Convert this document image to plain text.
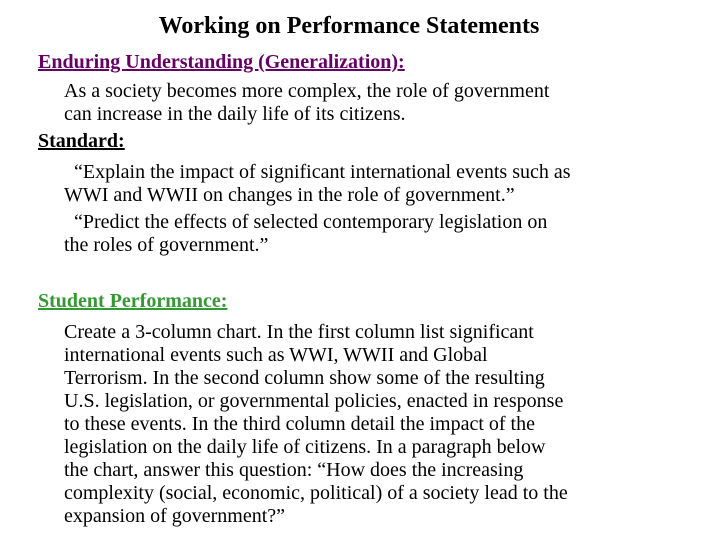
Working on Performance Statements

Enduring Understanding (Generalization):

As a society becomes more complex, the role of government

can increase in the daily life of its citizens.

Standard:

“Explain the impact of significant international events such as

WWI and WWII on changes in the role of government.”

“Predict the effects of selected contemporary legislation on

the roles of government.”

Student Performance:

Create a 3-column chart. In the first column list significant

international events such as WWI, WWII and Global

Terrorism. In the second column show some of the resulting

U.S. legislation, or governmental policies, enacted in response

to these events. In the third column detail the impact of the

legislation on the daily life of citizens. In a paragraph below

the chart, answer this question: “How does the increasing

complexity (social, economic, political) of a society lead to the

expansion of government?”
